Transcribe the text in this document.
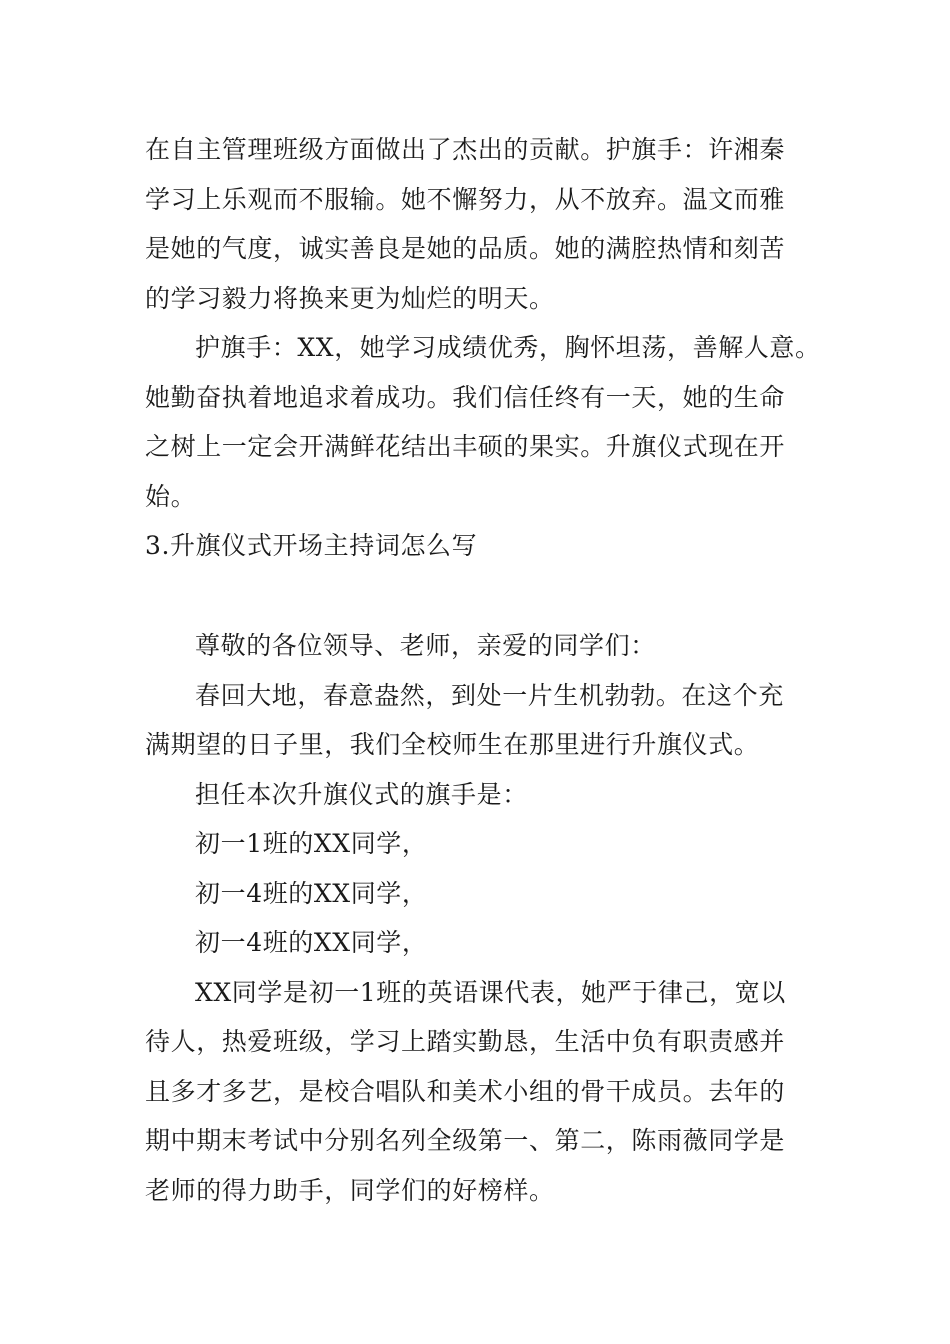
在自主管理班级方面做出了杰出的贡献。护旗手：许湘秦
学习上乐观而不服输。她不懈努力，从不放弃。温文而雅
是她的气度，诚实善良是她的品质。她的满腔热情和刻苦
的学习毅力将换来更为灿烂的明天。
护旗手：XX，她学习成绩优秀，胸怀坦荡，善解人意。
她勤奋执着地追求着成功。我们信任终有一天，她的生命
之树上一定会开满鲜花结出丰硕的果实。升旗仪式现在开
始。
3.升旗仪式开场主持词怎么写
尊敬的各位领导、老师，亲爱的同学们：
春回大地，春意盎然，到处一片生机勃勃。在这个充
满期望的日子里，我们全校师生在那里进行升旗仪式。
担任本次升旗仪式的旗手是：
初一1班的XX同学，
初一4班的XX同学，
初一4班的XX同学，
XX同学是初一1班的英语课代表，她严于律己，宽以
待人，热爱班级，学习上踏实勤恳，生活中负有职责感并
且多才多艺，是校合唱队和美术小组的骨干成员。去年的
期中期末考试中分别名列全级第一、第二，陈雨薇同学是
老师的得力助手，同学们的好榜样。
